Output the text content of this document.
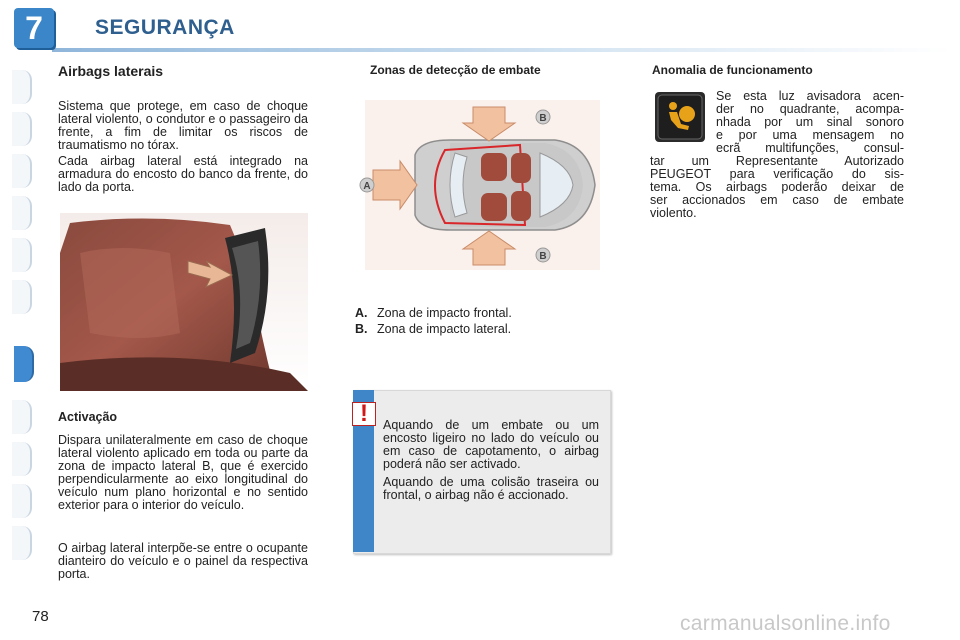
7	SEGURANÇA
Airbags laterais
Sistema que protege, em caso de choque lateral violento, o condutor e o passageiro da frente, a fim de limitar os riscos de traumatismo no tórax.
Cada airbag lateral está integrado na armadura do encosto do banco da frente, do lado da porta.
Activação
Dispara unilateralmente em caso de choque lateral violento aplicado em toda ou parte da zona de impacto lateral B, que é exercido perpendicularmente ao eixo longitudinal do veículo num plano horizontal e no sentido exterior para o interior do veículo.
O airbag lateral interpõe-se entre o ocupante dianteiro do veículo e o painel da respectiva porta.
Zonas de detecção de embate
A
B
B
A. Zona de impacto frontal.
B. Zona de impacto lateral.
!	Aquando de um embate ou um encosto ligeiro no lado do veículo ou em caso de capotamento, o airbag poderá não ser activado.
Aquando de uma colisão traseira ou frontal, o airbag não é accionado.
Anomalia de funcionamento
Se esta luz avisadora acen-
der no quadrante, acompa-
nhada por um sinal sonoro
e por uma mensagem no
ecrã multifunções, consul-
tar um Representante Autorizado
PEUGEOT para verificação do sis-
tema. Os airbags poderão deixar de
ser accionados em caso de embate
violento.
78	carmanualsonline.info
